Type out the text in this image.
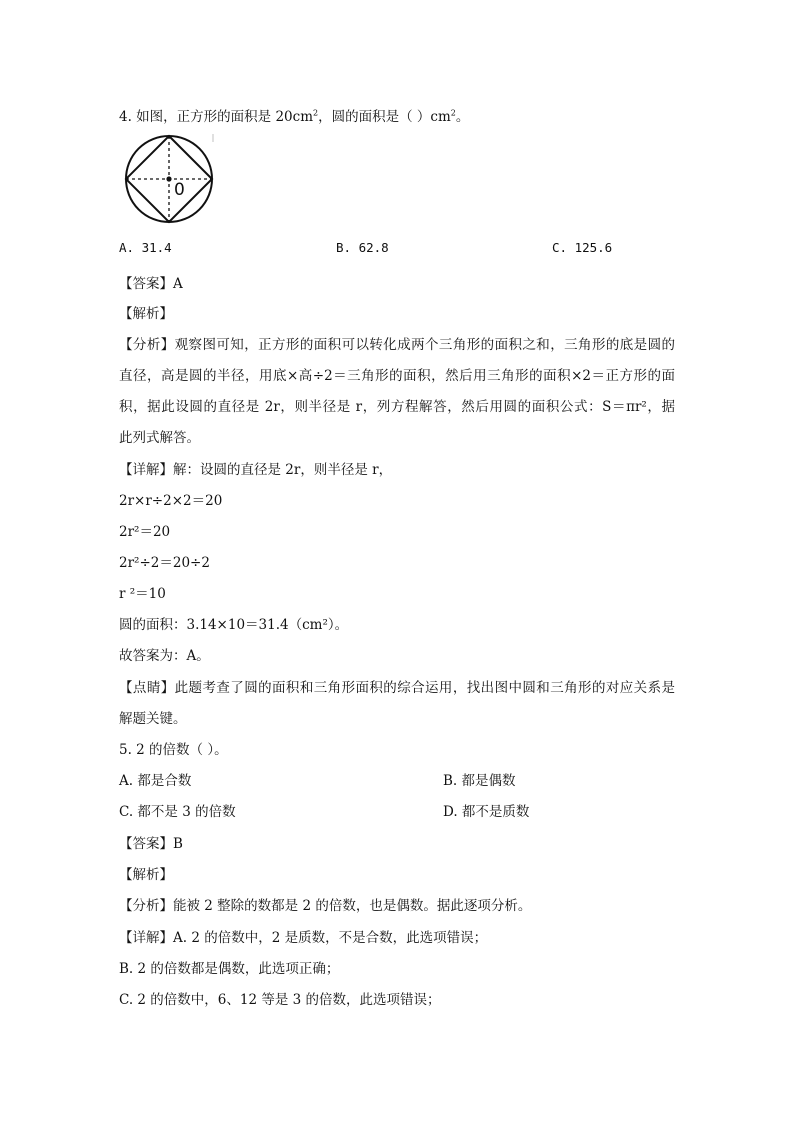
4. 如图，正方形的面积是 $20cm^2$，圆的面积是（ ）$cm^2$。
0
A. 31.4	B. 62.8	C. 125.6
【答案】A
【解析】
【分析】观察图可知，正方形的面积可以转化成两个三角形的面积之和，三角形的底是圆的
直径，高是圆的半径，用底×高÷2＝三角形的面积，然后用三角形的面积×2＝正方形的面
积，据此设圆的直径是 2r，则半径是 r，列方程解答，然后用圆的面积公式：S＝πr²，据
此列式解答。
【详解】解：设圆的直径是 2r，则半径是 r，
2r×r÷2×2＝20
2r²＝20
2r²÷2＝20÷2
r ²＝10
圆的面积：3.14×10＝31.4（cm²）。
故答案为：A。
【点睛】此题考查了圆的面积和三角形面积的综合运用，找出图中圆和三角形的对应关系是
解题关键。
5. 2 的倍数（ ）。
A. 都是合数	B. 都是偶数
C. 都不是 3 的倍数	D. 都不是质数
【答案】B
【解析】
【分析】能被 2 整除的数都是 2 的倍数，也是偶数。据此逐项分析。
【详解】A. 2 的倍数中，2 是质数，不是合数，此选项错误；
B. 2 的倍数都是偶数，此选项正确；
C. 2 的倍数中，6、12 等是 3 的倍数，此选项错误；
